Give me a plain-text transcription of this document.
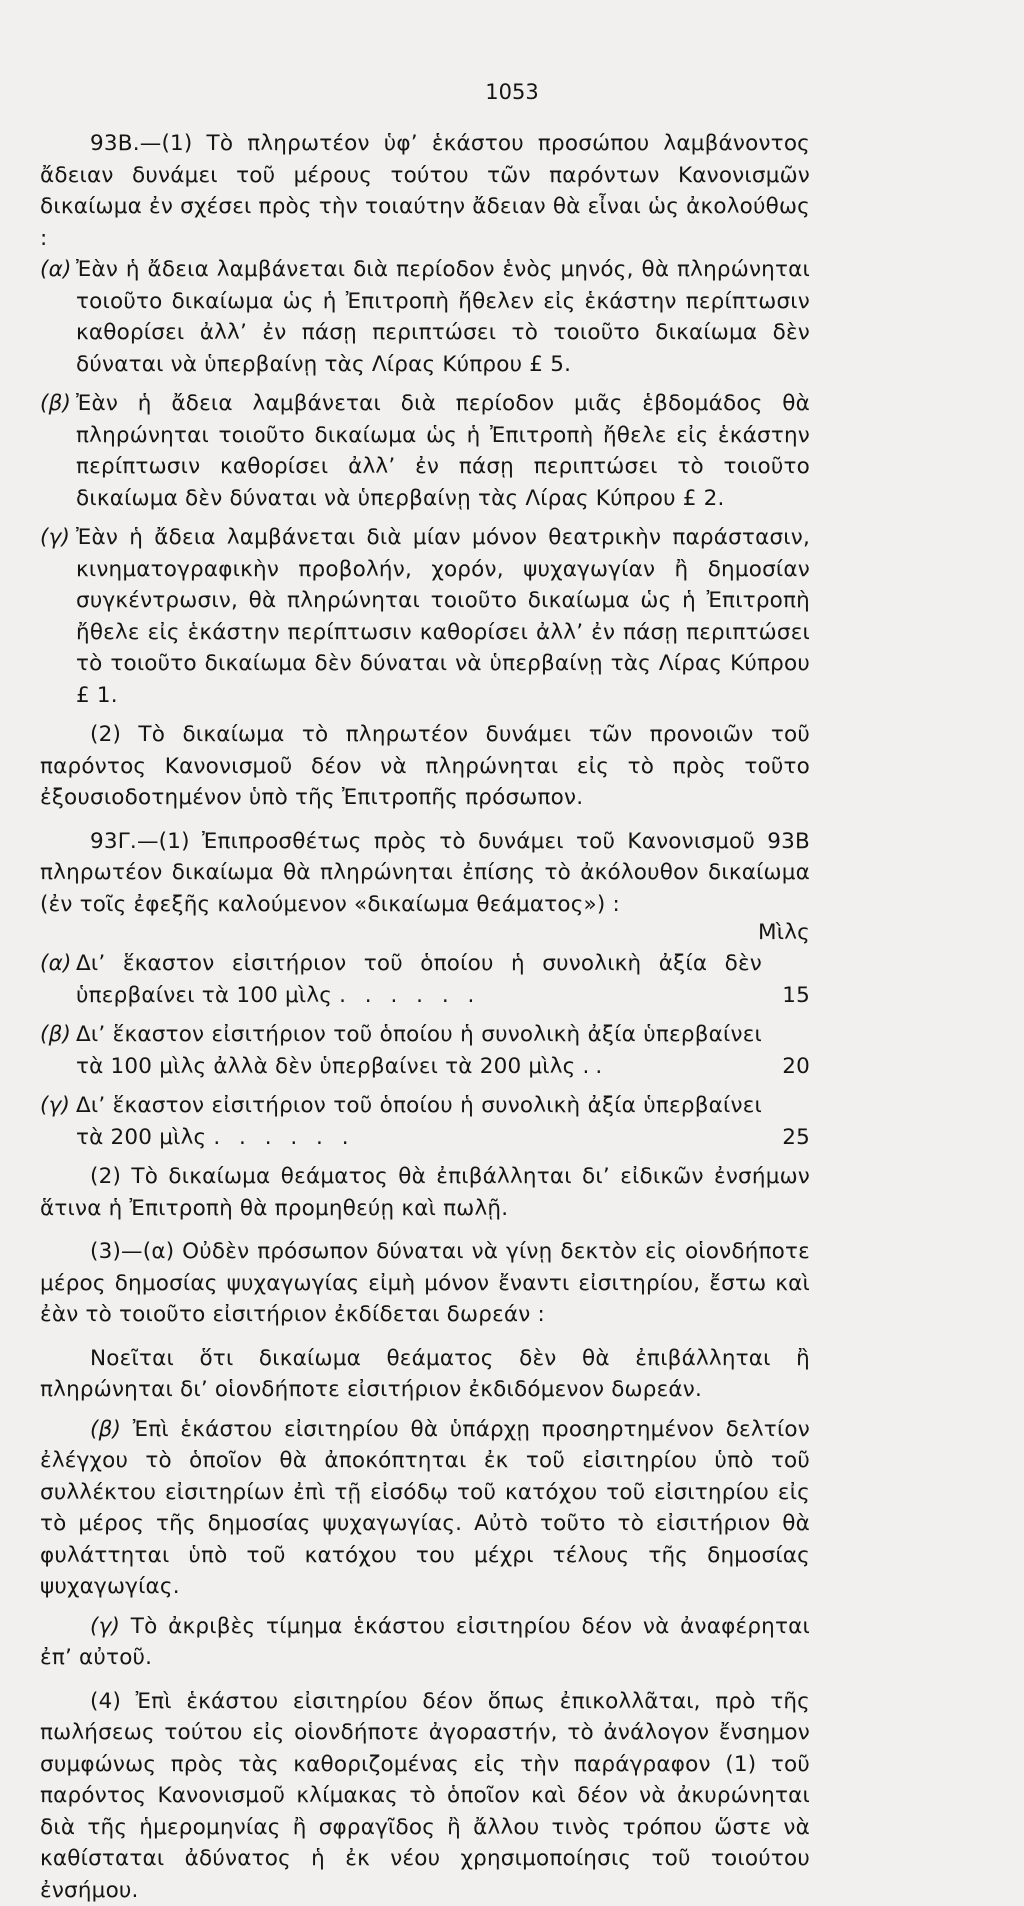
1053

93Β.—(1) Τὸ πληρωτέον ὑφ’ ἑκάστου προσώπου λαμβάνοντος ἄδειαν δυνάμει τοῦ μέρους τούτου τῶν παρόντων Κανονισμῶν δικαίωμα ἐν σχέσει πρὸς τὴν τοιαύτην ἄδειαν θὰ εἶναι ὡς ἀκολούθως :

(α) Ἐὰν ἡ ἄδεια λαμβάνεται διὰ περίοδον ἑνὸς μηνός, θὰ πληρώνηται τοιοῦτο δικαίωμα ὡς ἡ Ἐπιτροπὴ ἤθελεν εἰς ἑκάστην περίπτωσιν καθορίσει ἀλλ’ ἐν πάσῃ περιπτώσει τὸ τοιοῦτο δικαίωμα δὲν δύναται νὰ ὑπερβαίνῃ τὰς Λίρας Κύπρου £ 5.
(β) Ἐὰν ἡ ἄδεια λαμβάνεται διὰ περίοδον μιᾶς ἑβδομάδος θὰ πληρώνηται τοιοῦτο δικαίωμα ὡς ἡ Ἐπιτροπὴ ἤθελε εἰς ἑκάστην περίπτωσιν καθορίσει ἀλλ’ ἐν πάσῃ περιπτώσει τὸ τοιοῦτο δικαίωμα δὲν δύναται νὰ ὑπερβαίνῃ τὰς Λίρας Κύπρου £ 2.
(γ) Ἐὰν ἡ ἄδεια λαμβάνεται διὰ μίαν μόνον θεατρικὴν παράστασιν, κινηματογραφικὴν προβολήν, χορόν, ψυχαγωγίαν ἢ δημοσίαν συγκέντρωσιν, θὰ πληρώνηται τοιοῦτο δικαίωμα ὡς ἡ Ἐπιτροπὴ ἤθελε εἰς ἑκάστην περίπτωσιν καθορίσει ἀλλ’ ἐν πάσῃ περιπτώσει τὸ τοιοῦτο δικαίωμα δὲν δύναται νὰ ὑπερβαίνῃ τὰς Λίρας Κύπρου £ 1.

(2) Τὸ δικαίωμα τὸ πληρωτέον δυνάμει τῶν προνοιῶν τοῦ παρόντος Κανονισμοῦ δέον νὰ πληρώνηται εἰς τὸ πρὸς τοῦτο ἐξουσιοδοτημένον ὑπὸ τῆς Ἐπιτροπῆς πρόσωπον.

93Γ.—(1) Ἐπιπροσθέτως πρὸς τὸ δυνάμει τοῦ Κανονισμοῦ 93Β πληρωτέον δικαίωμα θὰ πληρώνηται ἐπίσης τὸ ἀκόλουθον δικαίωμα (ἐν τοῖς ἐφεξῆς καλούμενον «δικαίωμα θεάματος») :

Μὶλς
(α) Δι’ ἕκαστον εἰσιτήριον τοῦ ὁποίου ἡ συνολικὴ ἀξία δὲν ὑπερβαίνει τὰ 100 μὶλς . . . . . .	15
(β) Δι’ ἕκαστον εἰσιτήριον τοῦ ὁποίου ἡ συνολικὴ ἀξία ὑπερβαίνει τὰ 100 μὶλς ἀλλὰ δὲν ὑπερβαίνει τὰ 200 μὶλς ..	20
(γ) Δι’ ἕκαστον εἰσιτήριον τοῦ ὁποίου ἡ συνολικὴ ἀξία ὑπερβαίνει τὰ 200 μὶλς . . . . . .	25

(2) Τὸ δικαίωμα θεάματος θὰ ἐπιβάλληται δι’ εἰδικῶν ἐνσήμων ἅτινα ἡ Ἐπιτροπὴ θὰ προμηθεύῃ καὶ πωλῇ.

(3)—(α) Οὐδὲν πρόσωπον δύναται νὰ γίνῃ δεκτὸν εἰς οἱονδήποτε μέρος δημοσίας ψυχαγωγίας εἰμὴ μόνον ἔναντι εἰσιτηρίου, ἔστω καὶ ἐὰν τὸ τοιοῦτο εἰσιτήριον ἐκδίδεται δωρεάν :

Νοεῖται ὅτι δικαίωμα θεάματος δὲν θὰ ἐπιβάλληται ἢ πληρώνηται δι’ οἱονδήποτε εἰσιτήριον ἐκδιδόμενον δωρεάν.

(β) Ἐπὶ ἑκάστου εἰσιτηρίου θὰ ὑπάρχῃ προσηρτημένον δελτίον ἐλέγχου τὸ ὁποῖον θὰ ἀποκόπτηται ἐκ τοῦ εἰσιτηρίου ὑπὸ τοῦ συλλέκτου εἰσιτηρίων ἐπὶ τῇ εἰσόδῳ τοῦ κατόχου τοῦ εἰσιτηρίου εἰς τὸ μέρος τῆς δημοσίας ψυχαγωγίας. Αὐτὸ τοῦτο τὸ εἰσιτήριον θὰ φυλάττηται ὑπὸ τοῦ κατόχου του μέχρι τέλους τῆς δημοσίας ψυχαγωγίας.

(γ) Τὸ ἀκριβὲς τίμημα ἑκάστου εἰσιτηρίου δέον νὰ ἀναφέρηται ἐπ’ αὐτοῦ.

(4) Ἐπὶ ἑκάστου εἰσιτηρίου δέον ὅπως ἐπικολλᾶται, πρὸ τῆς πωλήσεως τούτου εἰς οἱονδήποτε ἀγοραστήν, τὸ ἀνάλογον ἔνσημον συμφώνως πρὸς τὰς καθοριζομένας εἰς τὴν παράγραφον (1) τοῦ παρόντος Κανονισμοῦ κλίμακας τὸ ὁποῖον καὶ δέον νὰ ἀκυρώνηται διὰ τῆς ἡμερομηνίας ἢ σφραγῖδος ἢ ἄλλου τινὸς τρόπου ὥστε νὰ καθίσταται ἀδύνατος ἡ ἐκ νέου χρησιμοποίησις τοῦ τοιούτου ἐνσήμου.
